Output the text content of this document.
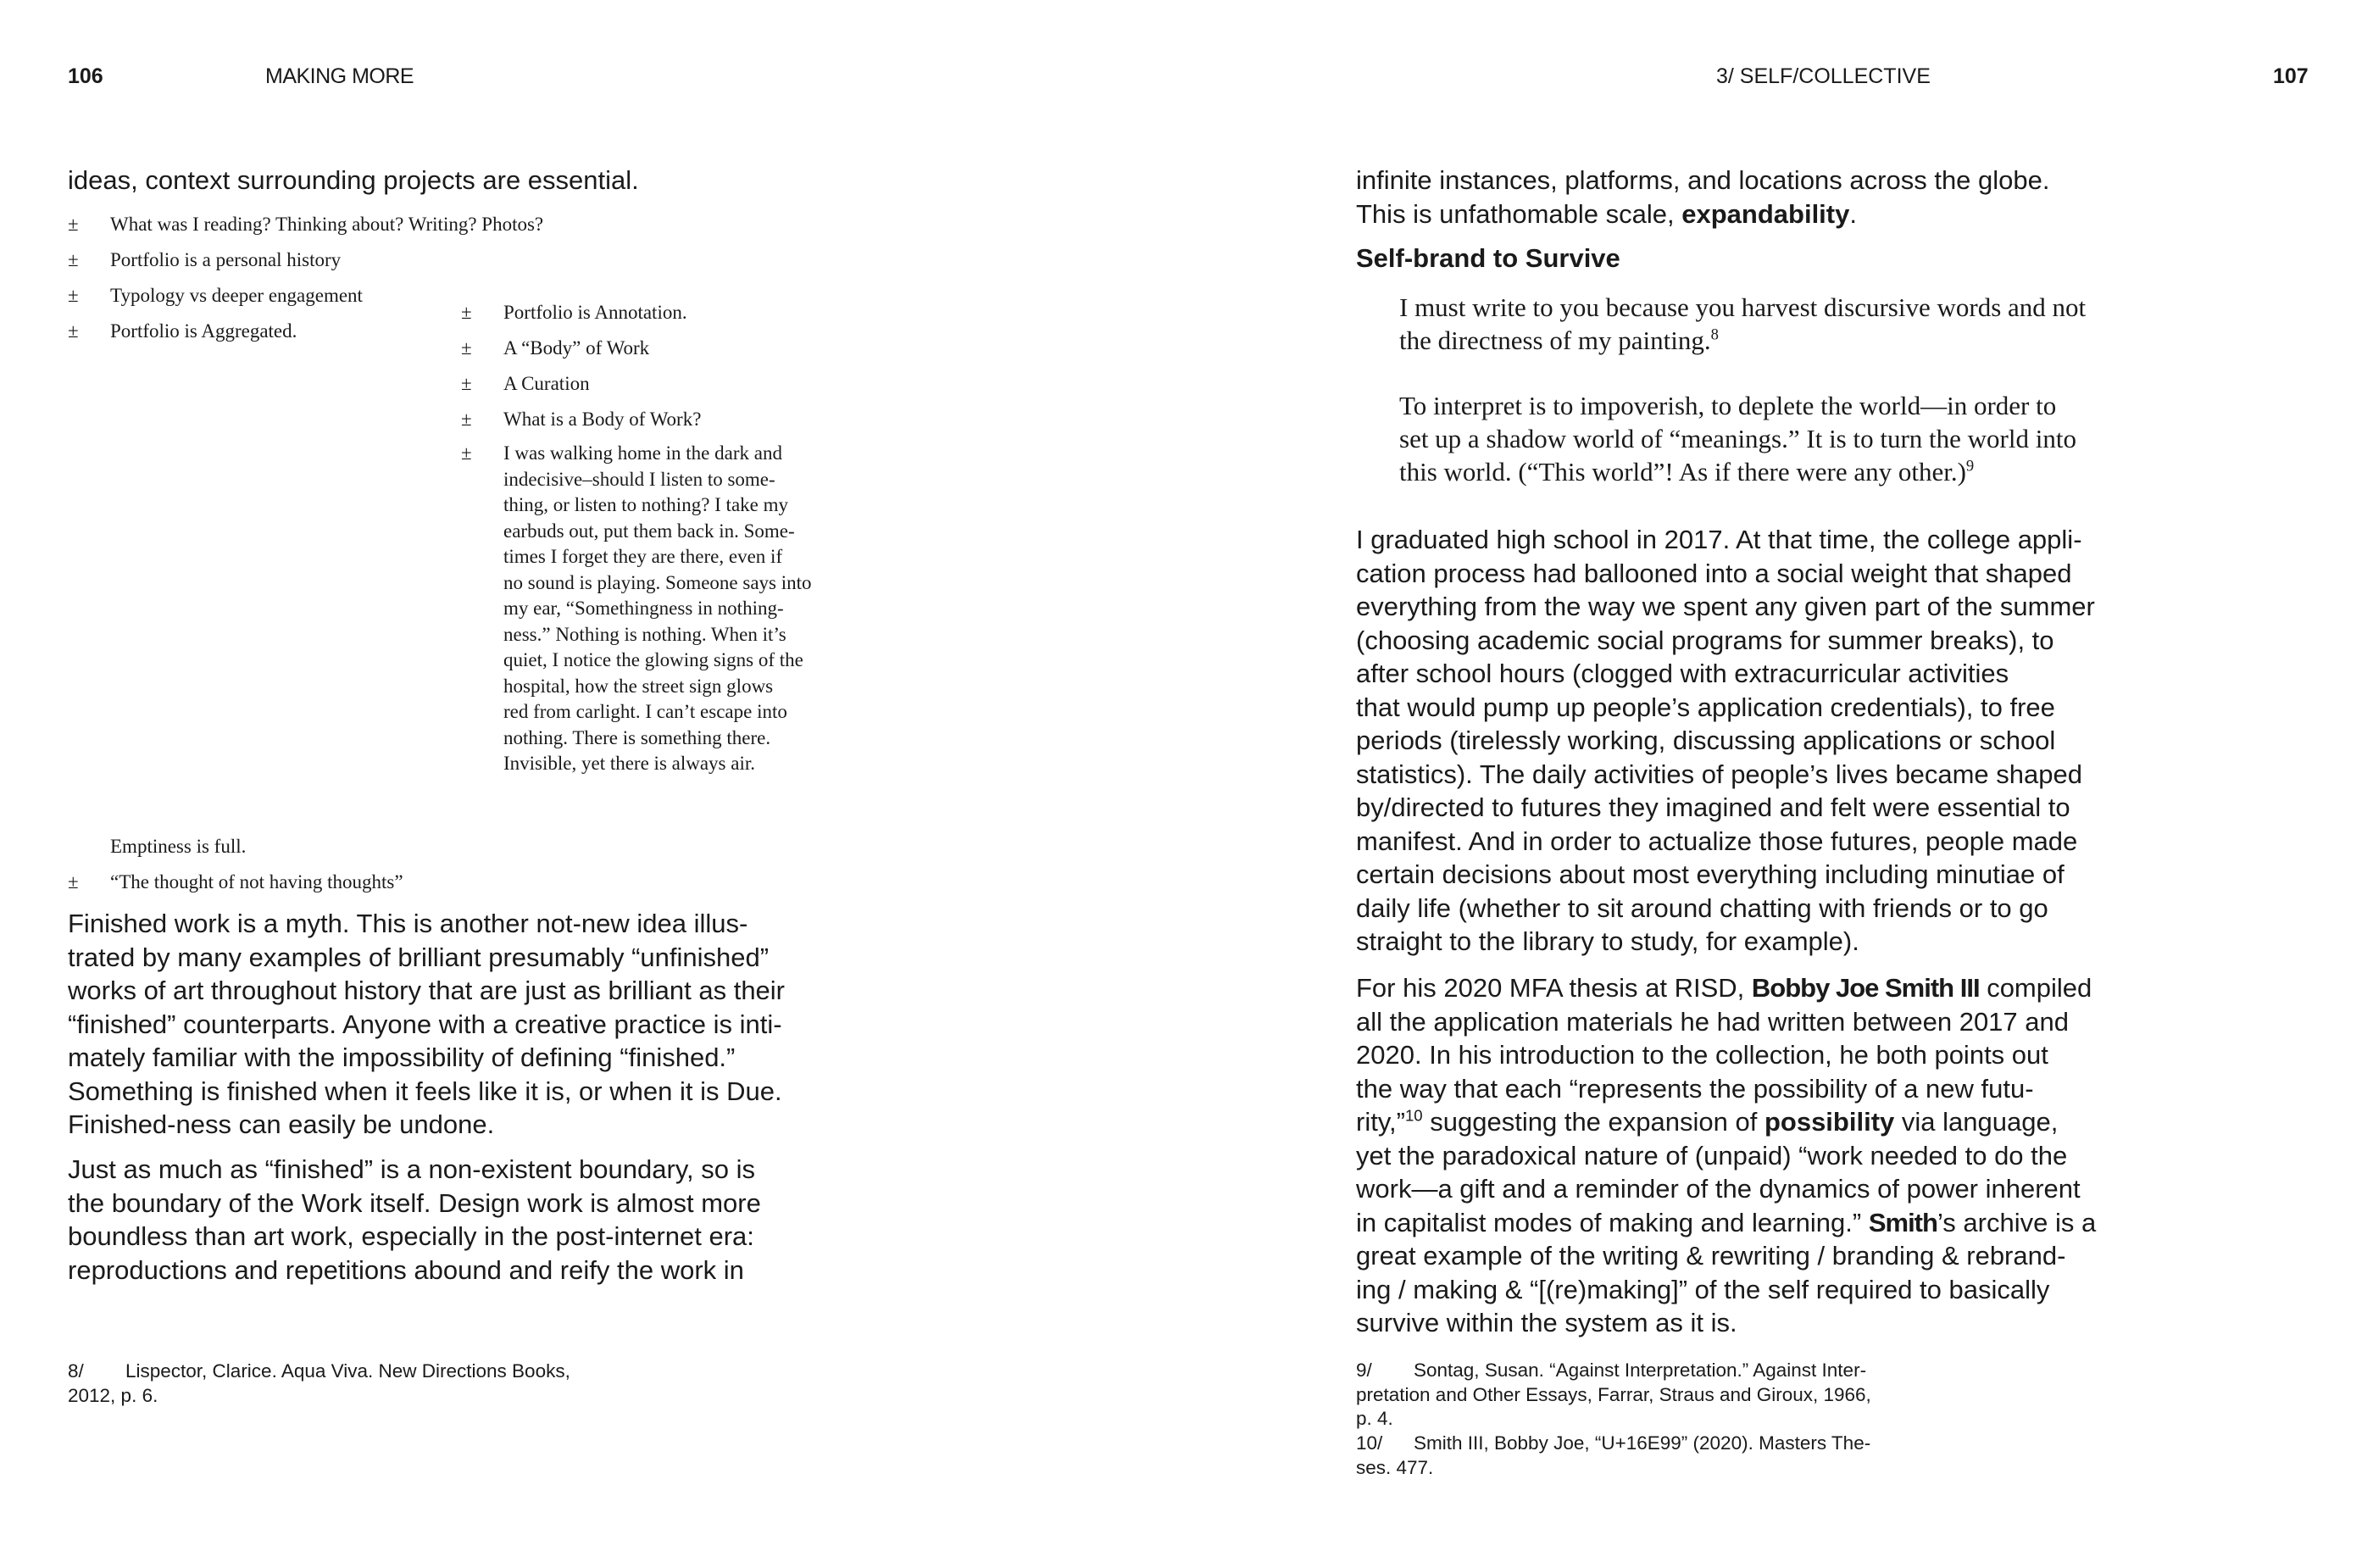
106	MAKING MORE
ideas, context surrounding projects are essential.
±	What was I reading? Thinking about? Writing? Photos?
±	Portfolio is a personal history
±	Typology vs deeper engagement
±	Portfolio is Aggregated.
±	Portfolio is Annotation.
±	A “Body” of Work
±	A Curation
±	What is a Body of Work?
±	I was walking home in the dark and
indecisive–should I listen to some-
thing, or listen to nothing? I take my
earbuds out, put them back in. Some-
times I forget they are there, even if
no sound is playing. Someone says into
my ear, “Somethingness in nothing-
ness.” Nothing is nothing. When it’s
quiet, I notice the glowing signs of the
hospital, how the street sign glows
red from carlight. I can’t escape into
nothing. There is something there.
Invisible, yet there is always air.
Emptiness is full.
±	“The thought of not having thoughts”
Finished work is a myth. This is another not-new idea illus-
trated by many examples of brilliant presumably “unfinished”
works of art throughout history that are just as brilliant as their
“finished” counterparts. Anyone with a creative practice is inti-
mately familiar with the impossibility of defining “finished.”
Something is finished when it feels like it is, or when it is Due.
Finished-ness can easily be undone.
Just as much as “finished” is a non-existent boundary, so is
the boundary of the Work itself. Design work is almost more
boundless than art work, especially in the post-internet era:
reproductions and repetitions abound and reify the work in
8/ Lispector, Clarice. Aqua Viva. New Directions Books,
2012, p. 6.
3/ SELF/COLLECTIVE	107
infinite instances, platforms, and locations across the globe.
This is unfathomable scale, expandability.
Self-brand to Survive
I must write to you because you harvest discursive words and not
the directness of my painting.$^8$
To interpret is to impoverish, to deplete the world—in order to
set up a shadow world of “meanings.” It is to turn the world into
this world. (“This world”! As if there were any other.)$^9$
I graduated high school in 2017. At that time, the college appli-
cation process had ballooned into a social weight that shaped
everything from the way we spent any given part of the summer
(choosing academic social programs for summer breaks), to
after school hours (clogged with extracurricular activities
that would pump up people’s application credentials), to free
periods (tirelessly working, discussing applications or school
statistics). The daily activities of people’s lives became shaped
by/directed to futures they imagined and felt were essential to
manifest. And in order to actualize those futures, people made
certain decisions about most everything including minutiae of
daily life (whether to sit around chatting with friends or to go
straight to the library to study, for example).
For his 2020 MFA thesis at RISD, Bobby Joe Smith III compiled
all the application materials he had written between 2017 and
2020. In his introduction to the collection, he both points out
the way that each “represents the possibility of a new futu-
rity,”$^{10}$ suggesting the expansion of possibility via language,
yet the paradoxical nature of (unpaid) “work needed to do the
work—a gift and a reminder of the dynamics of power inherent
in capitalist modes of making and learning.” Smith’s archive is a
great example of the writing & rewriting / branding & rebrand-
ing / making & “[(re)making]” of the self required to basically
survive within the system as it is.
9/ Sontag, Susan. “Against Interpretation.” Against Inter-
pretation and Other Essays, Farrar, Straus and Giroux, 1966,
p. 4.
10/ Smith III, Bobby Joe, “U+16E99” (2020). Masters The-
ses. 477.
